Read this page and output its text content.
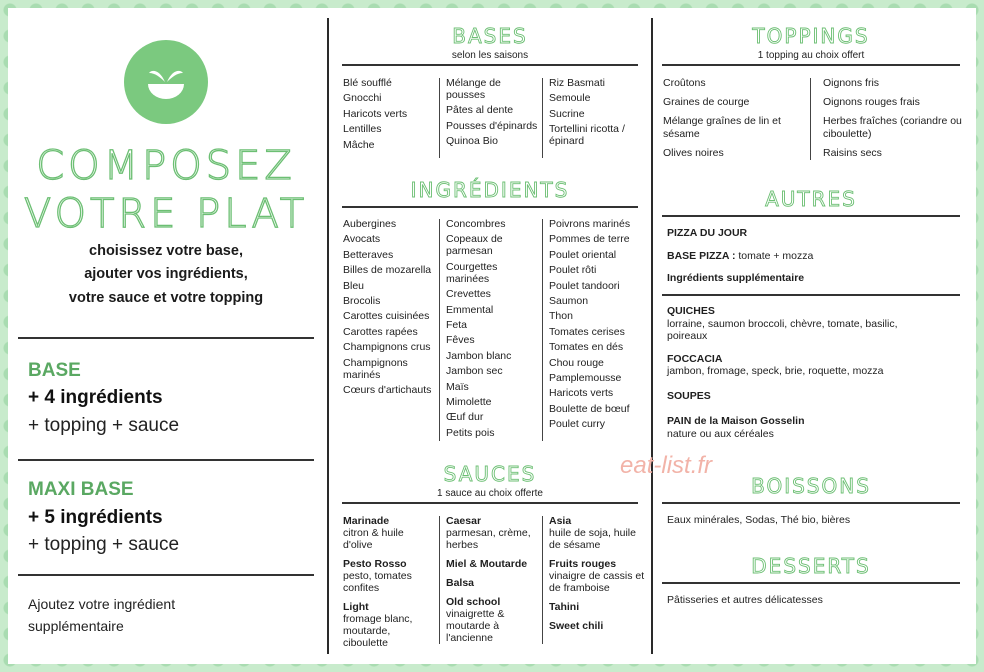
COMPOSEZ
VOTRE PLAT
choisissez votre base,
ajouter vos ingrédients,
votre sauce et votre topping
BASE
+ 4 ingrédients
+ topping + sauce
MAXI BASE
+ 5 ingrédients
+ topping + sauce
Ajoutez votre ingrédient
supplémentaire
BASES
selon les saisons
Blé soufflé
Gnocchi
Haricots verts
Lentilles
Mâche
Mélange de pousses
Pâtes al dente
Pousses d'épinards
Quinoa Bio
Riz Basmati
Semoule
Sucrine
Tortellini ricotta / épinard
INGRÉDIENTS
Aubergines
Avocats
Betteraves
Billes de mozarella
Bleu
Brocolis
Carottes cuisinées
Carottes rapées
Champignons crus
Champignons marinés
Cœurs d'artichauts
Concombres
Copeaux de parmesan
Courgettes marinées
Crevettes
Emmental
Feta
Fêves
Jambon blanc
Jambon sec
Maïs
Mimolette
Œuf dur
Petits pois
Poivrons marinés
Pommes de terre
Poulet oriental
Poulet rôti
Poulet tandoori
Saumon
Thon
Tomates cerises
Tomates en dés
Chou rouge
Pamplemousse
Haricots verts
Boulette de bœuf
Poulet curry
SAUCES
1 sauce au choix offerte
Marinade
citron & huile d'olive
Pesto Rosso
pesto, tomates confites
Light
fromage blanc, moutarde, ciboulette
Caesar
parmesan, crème, herbes
Miel & Moutarde
Balsa
Old school
vinaigrette & moutarde à l'ancienne
Asia
huile de soja, huile de sésame
Fruits rouges
vinaigre de cassis et de framboise
Tahini
Sweet chili
TOPPINGS
1 topping au choix offert
Croûtons
Graines de courge
Mélange graînes de lin et sésame
Olives noires
Oignons fris
Oignons rouges frais
Herbes fraîches (coriandre ou ciboulette)
Raisins secs
AUTRES
PIZZA DU JOUR
BASE PIZZA : tomate + mozza
Ingrédients supplémentaire
QUICHES
lorraine, saumon broccoli, chèvre, tomate, basilic, poireaux
FOCCACIA
jambon, fromage, speck, brie, roquette, mozza
SOUPES
PAIN de la Maison Gosselin
nature ou aux céréales
BOISSONS
Eaux minérales, Sodas, Thé bio, bières
DESSERTS
Pâtisseries et autres délicatesses
eat-list.fr
